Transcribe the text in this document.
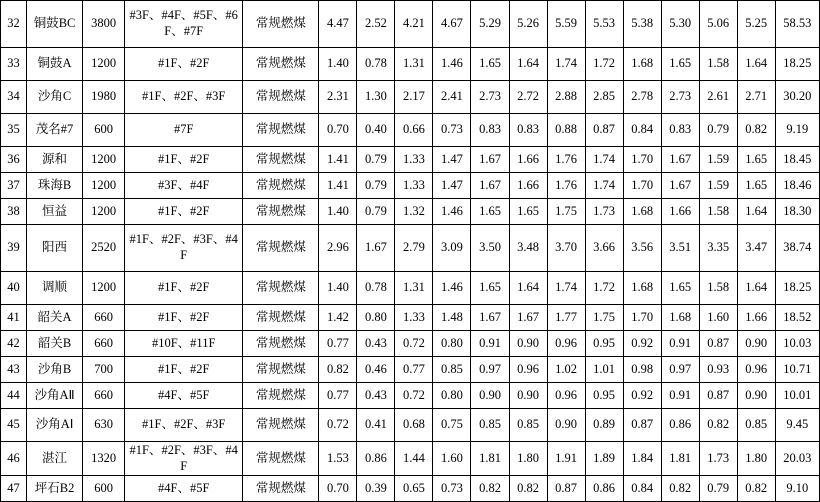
32	铜鼓BC	3800	#3F、#4F、#5F、#6F、#7F	常规燃煤	4.47	2.52	4.21	4.67	5.29	5.26	5.59	5.53	5.38	5.30	5.06	5.25	58.53
33	铜鼓A	1200	#1F、#2F	常规燃煤	1.40	0.78	1.31	1.46	1.65	1.64	1.74	1.72	1.68	1.65	1.58	1.64	18.25
34	沙角C	1980	#1F、#2F、#3F	常规燃煤	2.31	1.30	2.17	2.41	2.73	2.72	2.88	2.85	2.78	2.73	2.61	2.71	30.20
35	茂名#7	600	#7F	常规燃煤	0.70	0.40	0.66	0.73	0.83	0.83	0.88	0.87	0.84	0.83	0.79	0.82	9.19
36	源和	1200	#1F、#2F	常规燃煤	1.41	0.79	1.33	1.47	1.67	1.66	1.76	1.74	1.70	1.67	1.59	1.65	18.45
37	珠海B	1200	#3F、#4F	常规燃煤	1.41	0.79	1.33	1.47	1.67	1.66	1.76	1.74	1.70	1.67	1.59	1.65	18.46
38	恒益	1200	#1F、#2F	常规燃煤	1.40	0.79	1.32	1.46	1.65	1.65	1.75	1.73	1.68	1.66	1.58	1.64	18.30
39	阳西	2520	#1F、#2F、#3F、#4F	常规燃煤	2.96	1.67	2.79	3.09	3.50	3.48	3.70	3.66	3.56	3.51	3.35	3.47	38.74
40	调顺	1200	#1F、#2F	常规燃煤	1.40	0.78	1.31	1.46	1.65	1.64	1.74	1.72	1.68	1.65	1.58	1.64	18.25
41	韶关A	660	#1F、#2F	常规燃煤	1.42	0.80	1.33	1.48	1.67	1.67	1.77	1.75	1.70	1.68	1.60	1.66	18.52
42	韶关B	660	#10F、#11F	常规燃煤	0.77	0.43	0.72	0.80	0.91	0.90	0.96	0.95	0.92	0.91	0.87	0.90	10.03
43	沙角B	700	#1F、#2F	常规燃煤	0.82	0.46	0.77	0.85	0.97	0.96	1.02	1.01	0.98	0.97	0.93	0.96	10.71
44	沙角AⅡ	660	#4F、#5F	常规燃煤	0.77	0.43	0.72	0.80	0.90	0.90	0.96	0.95	0.92	0.91	0.87	0.90	10.01
45	沙角AⅠ	630	#1F、#2F、#3F	常规燃煤	0.72	0.41	0.68	0.75	0.85	0.85	0.90	0.89	0.87	0.86	0.82	0.85	9.45
46	湛江	1320	#1F、#2F、#3F、#4F	常规燃煤	1.53	0.86	1.44	1.60	1.81	1.80	1.91	1.89	1.84	1.81	1.73	1.80	20.03
47	坪石B2	600	#4F、#5F	常规燃煤	0.70	0.39	0.65	0.73	0.82	0.82	0.87	0.86	0.84	0.82	0.79	0.82	9.10
